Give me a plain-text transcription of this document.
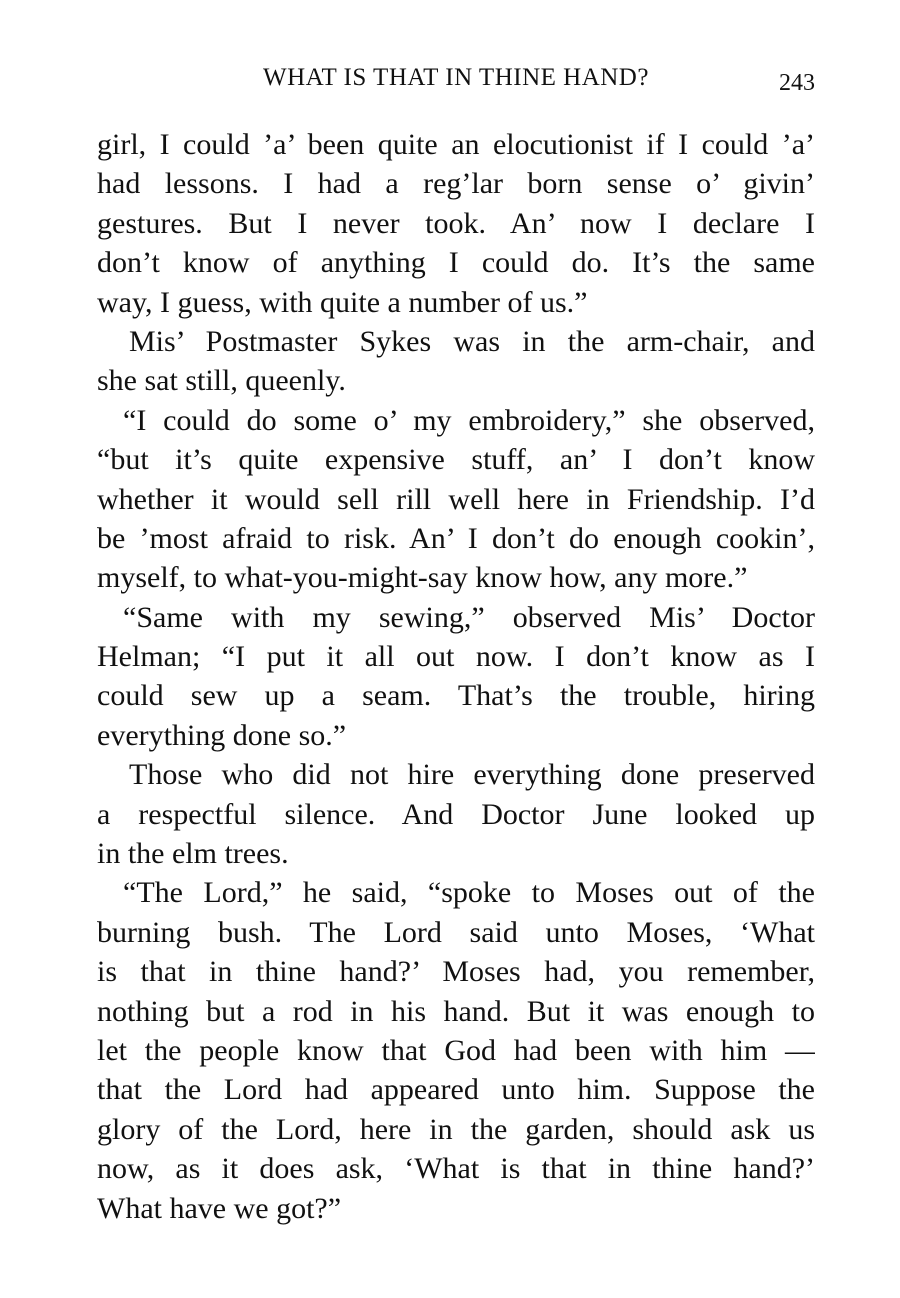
WHAT IS THAT IN THINE HAND?	243
girl, I could ’a’ been quite an elocutionist if I could ’a’
had lessons. I had a reg’lar born sense o’ givin’
gestures. But I never took. An’ now I declare I
don’t know of anything I could do. It’s the same
way, I guess, with quite a number of us.”
Mis’ Postmaster Sykes was in the arm-chair, and
she sat still, queenly.
“I could do some o’ my embroidery,” she observed,
“but it’s quite expensive stuff, an’ I don’t know
whether it would sell rill well here in Friendship. I’d
be ’most afraid to risk. An’ I don’t do enough cookin’,
myself, to what-you-might-say know how, any more.”
“Same with my sewing,” observed Mis’ Doctor
Helman; “I put it all out now. I don’t know as I
could sew up a seam. That’s the trouble, hiring
everything done so.”
Those who did not hire everything done preserved
a respectful silence. And Doctor June looked up
in the elm trees.
“The Lord,” he said, “spoke to Moses out of the
burning bush. The Lord said unto Moses, ‘What
is that in thine hand?’ Moses had, you remember,
nothing but a rod in his hand. But it was enough to
let the people know that God had been with him —
that the Lord had appeared unto him. Suppose the
glory of the Lord, here in the garden, should ask us
now, as it does ask, ‘What is that in thine hand?’
What have we got?”
